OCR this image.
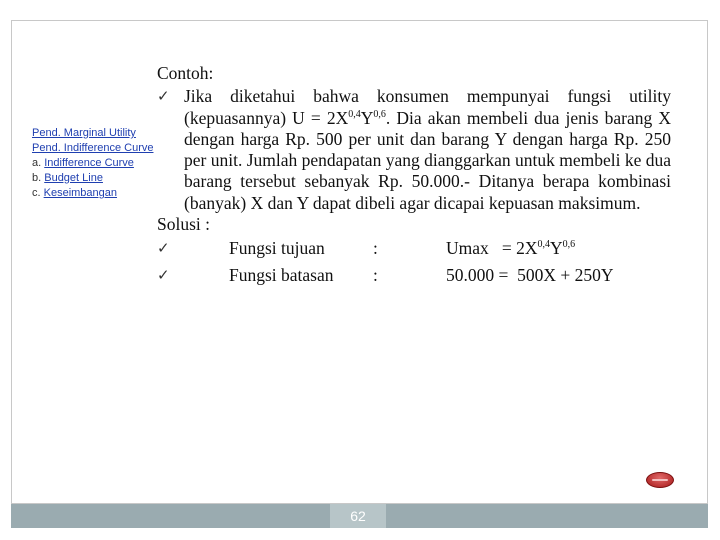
Pend. Marginal Utility
Pend. Indifference Curve
a. Indifference Curve
b. Budget Line
c. Keseimbangan
Contoh:
✓ Jika diketahui bahwa konsumen mempunyai fungsi utility (kepuasannya) $U = 2X^{0,4}Y^{0,6}$. Dia akan membeli dua jenis barang X dengan harga Rp. 500 per unit dan barang Y dengan harga Rp. 250 per unit. Jumlah pendapatan yang dianggarkan untuk membeli ke dua barang tersebut sebanyak Rp. 50.000.- Ditanya berapa kombinasi (banyak) X dan Y dapat dibeli agar dicapai kepuasan maksimum.

Solusi :
✓	Fungsi tujuan	:	$Umax = 2X^{0,4}Y^{0,6}$
✓	Fungsi batasan :	50.000 =  500X + 250Y
62
